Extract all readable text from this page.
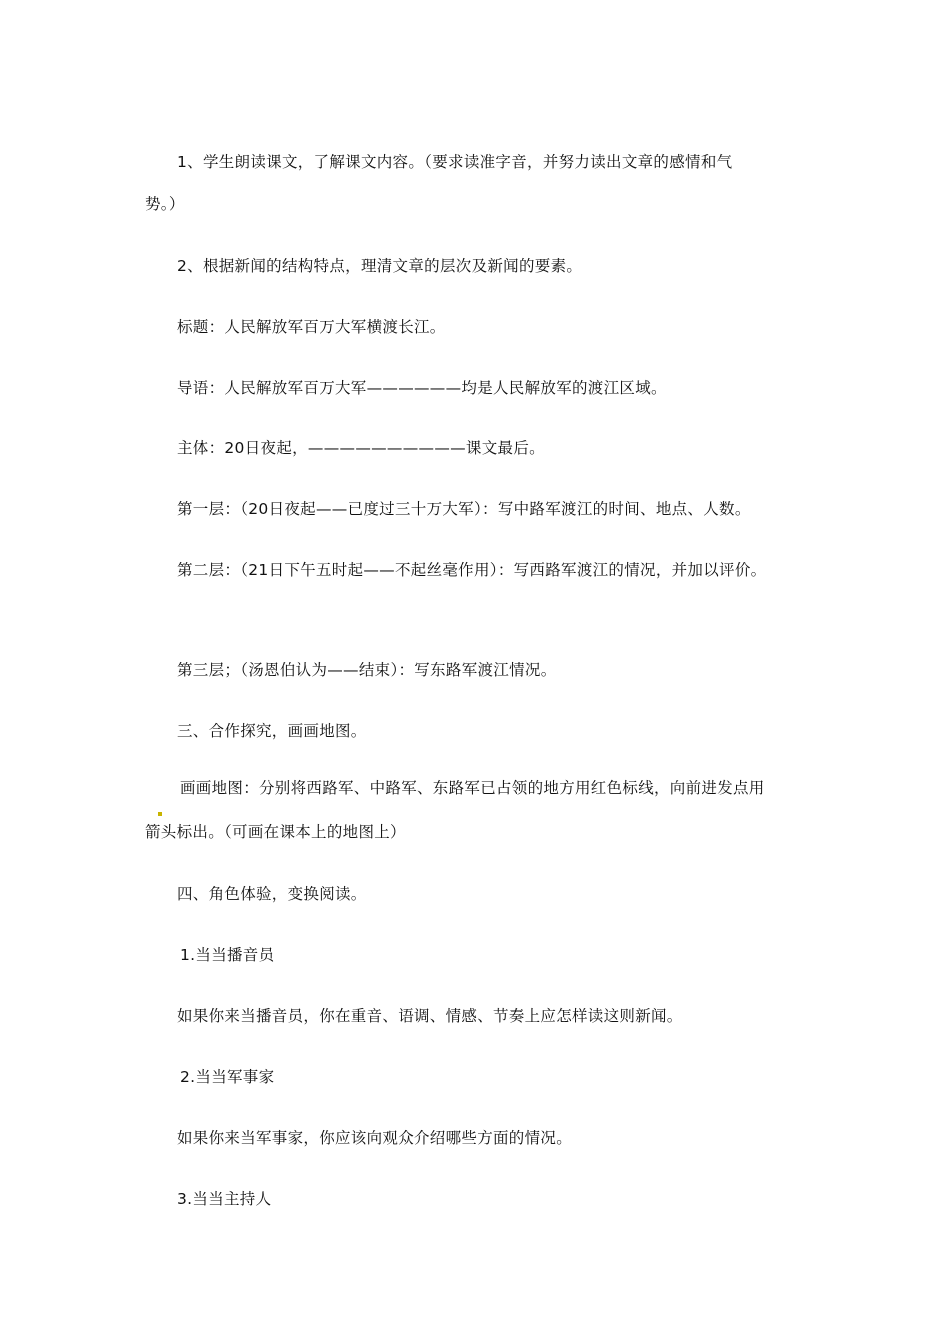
1、学生朗读课文，了解课文内容。（要求读准字音，并努力读出文章的感情和气
势。）
2、根据新闻的结构特点，理清文章的层次及新闻的要素。
标题：人民解放军百万大军横渡长江。
导语：人民解放军百万大军——————均是人民解放军的渡江区域。
主体：20日夜起，——————————课文最后。
第一层：（20日夜起——已度过三十万大军）：写中路军渡江的时间、地点、人数。
第二层：（21日下午五时起——不起丝毫作用）：写西路军渡江的情况，并加以评价。
第三层；（汤恩伯认为——结束）：写东路军渡江情况。
三、合作探究，画画地图。
画画地图：分别将西路军、中路军、东路军已占领的地方用红色标线，向前进发点用
箭头标出。（可画在课本上的地图上）
四、角色体验，变换阅读。
1.当当播音员
如果你来当播音员，你在重音、语调、情感、节奏上应怎样读这则新闻。
2.当当军事家
如果你来当军事家，你应该向观众介绍哪些方面的情况。
3.当当主持人
